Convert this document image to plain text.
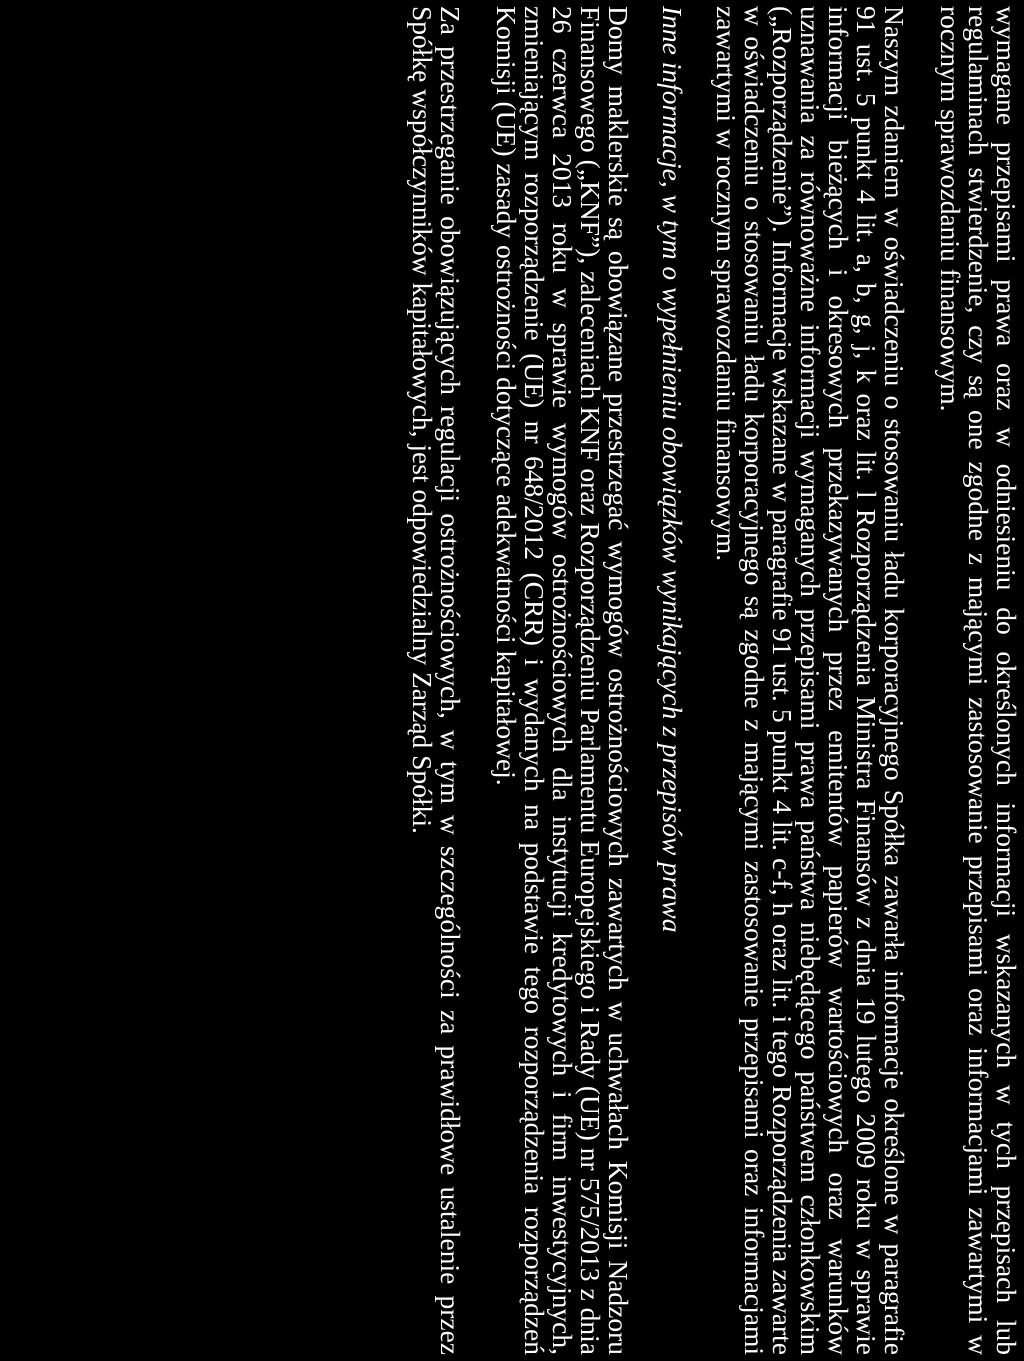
wymagane przepisami prawa oraz w odniesieniu do określonych informacji wskazanych w tych przepisach lub regulaminach stwierdzenie, czy są one zgodne z mającymi zastosowanie przepisami oraz informacjami zawartymi w rocznym sprawozdaniu finansowym.

Naszym zdaniem w oświadczeniu o stosowaniu ładu korporacyjnego Spółka zawarła informacje określone w paragrafie 91 ust. 5 punkt 4 lit. a, b, g, j, k oraz lit. l Rozporządzenia Ministra Finansów z dnia 19 lutego 2009 roku w sprawie informacji bieżących i okresowych przekazywanych przez emitentów papierów wartościowych oraz warunków uznawania za równoważne informacji wymaganych przepisami prawa państwa niebędącego państwem członkowskim („Rozporządzenie”). Informacje wskazane w paragrafie 91 ust. 5 punkt 4 lit. c-f, h oraz lit. i tego Rozporządzenia zawarte w oświadczeniu o stosowaniu ładu korporacyjnego są zgodne z mającymi zastosowanie przepisami oraz informacjami zawartymi w rocznym sprawozdaniu finansowym.

Inne informacje, w tym o wypełnieniu obowiązków wynikających z przepisów prawa

Domy maklerskie są obowiązane przestrzegać wymogów ostrożnościowych zawartych w uchwałach Komisji Nadzoru Finansowego („KNF”), zaleceniach KNF oraz Rozporządzeniu Parlamentu Europejskiego i Rady (UE) nr 575/2013 z dnia 26 czerwca 2013 roku w sprawie wymogów ostrożnościowych dla instytucji kredytowych i firm inwestycyjnych, zmieniającym rozporządzenie (UE) nr 648/2012 (CRR) i wydanych na podstawie tego rozporządzenia rozporządzeń Komisji (UE) zasady ostrożności dotyczące adekwatności kapitałowej.

Za przestrzeganie obowiązujących regulacji ostrożnościowych, w tym w szczególności za prawidłowe ustalenie przez Spółkę współczynników kapitałowych, jest odpowiedzialny Zarząd Spółki.
